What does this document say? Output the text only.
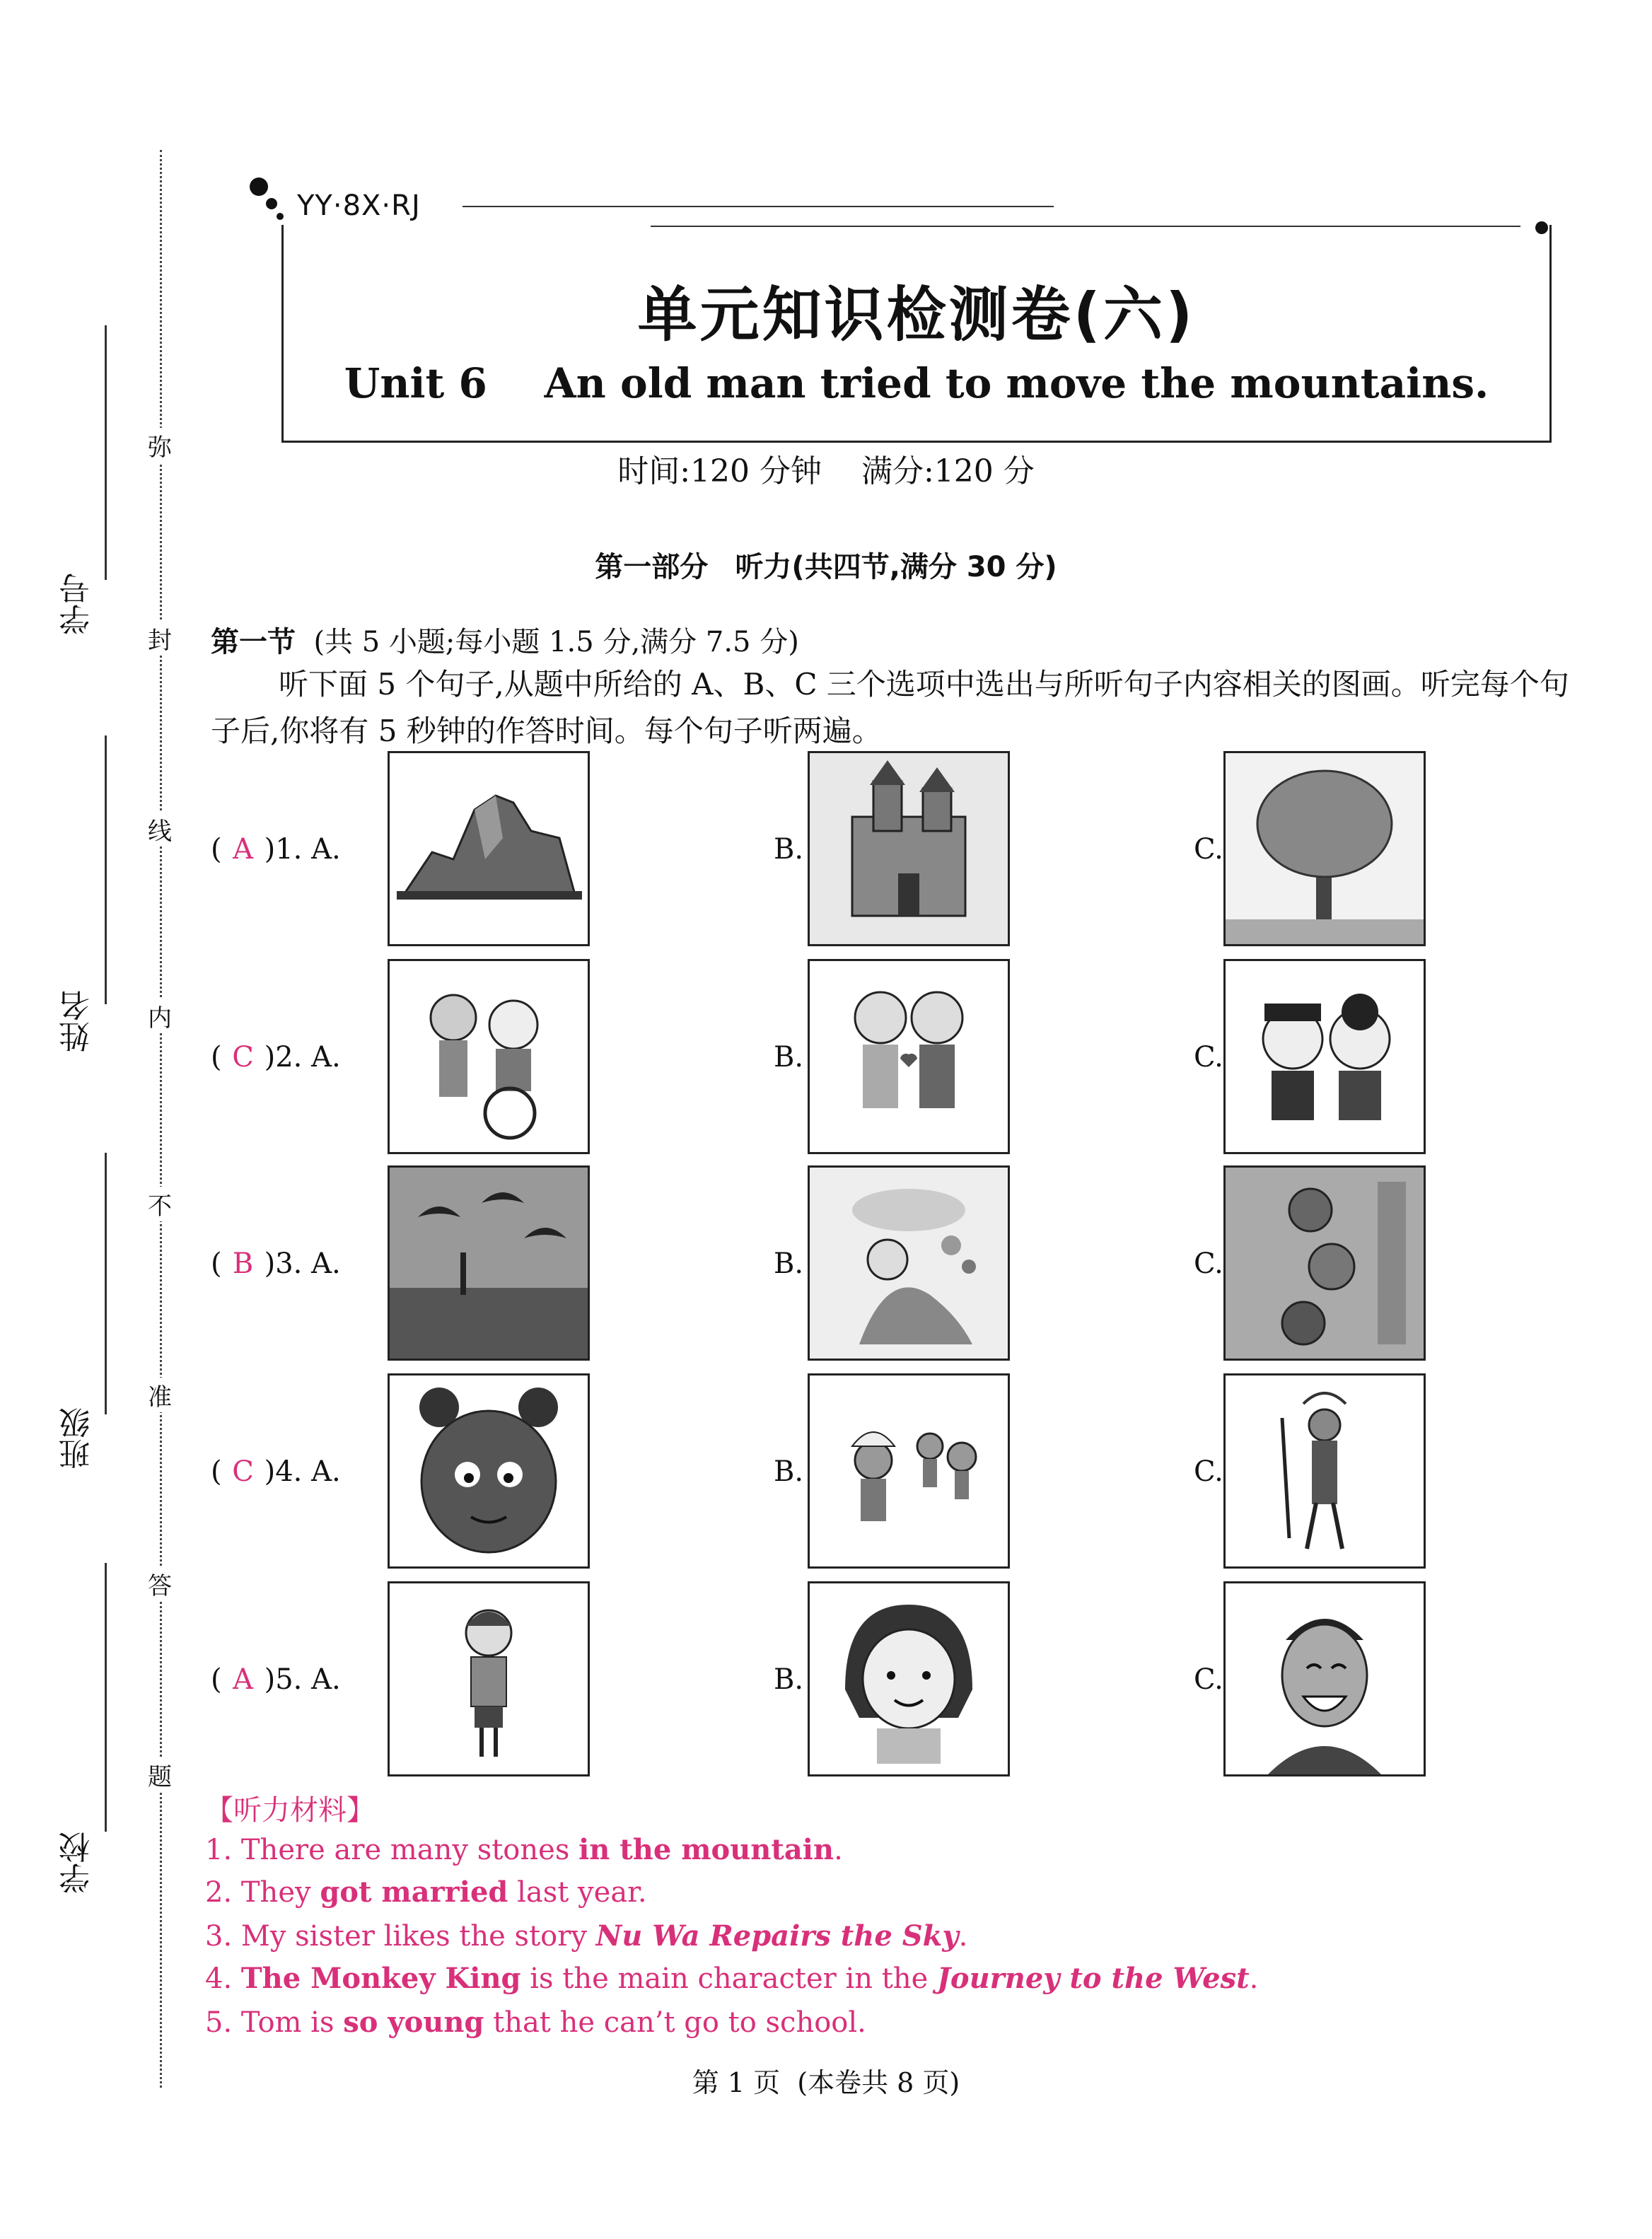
学号
姓名
班级
学校
弥
封
线
内
不
准
答
题
YY·8X·RJ
单元知识检测卷(六)
Unit 6    An old man tried to move the mountains.
时间:120 分钟    满分:120 分
第一部分 听力(共四节,满分 30 分)
第一节 (共 5 小题;每小题 1.5 分,满分 7.5 分)
听下面 5 个句子,从题中所给的 A、B、C 三个选项中选出与所听句子内容相关的图画。听完每个句子后,你将有 5 秒钟的作答时间。每个句子听两遍。
( A )1. A.	B.	C.
( C )2. A.	B.	C.
( B )3. A.	B.	C.
( C )4. A.	B.	C.
( A )5. A.	B.	C.
【听力材料】
1. There are many stones in the mountain.
2. They got married last year.
3. My sister likes the story Nu Wa Repairs the Sky.
4. The Monkey King is the main character in the Journey to the West.
5. Tom is so young that he can’t go to school.
第 1 页  (本卷共 8 页)
